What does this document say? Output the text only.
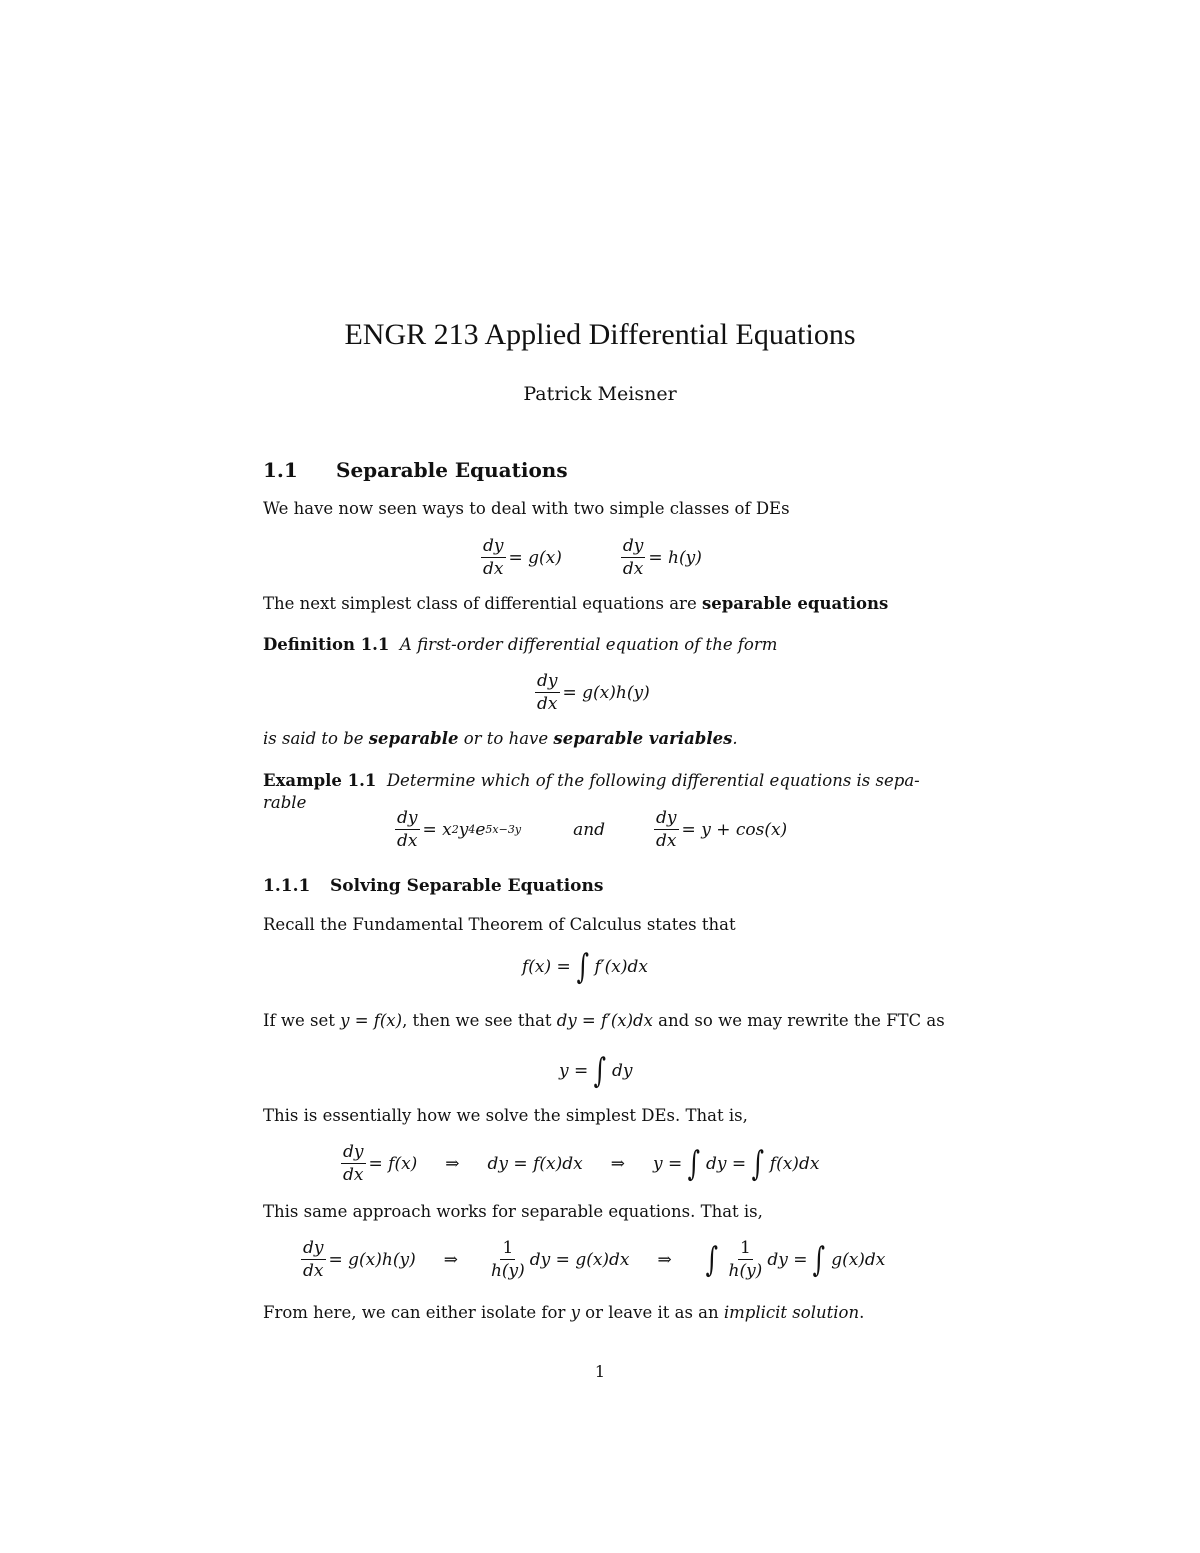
ENGR 213 Applied Differential Equations
Patrick Meisner
1.1 Separable Equations
We have now seen ways to deal with two simple classes of DEs
$\frac{dy}{dx}$ =
g(x)	$\frac{dy}{dx}$ =
h(y)
The next simplest class of differential equations are separable equations
Definition 1.1 A first-order differential equation of the form
$\frac{dy}{dx}$ =
g(x)h(y)
is said to be separable or to have separable variables.
Example 1.1 Determine which of the following differential equations is sepa-rable
$\frac{dy}{dx}$ =
x 2 y 4 e 5x−3y	and	$\frac{dy}{dx}$ =
y + cos(x)
1.1.1 Solving Separable Equations
Recall the Fundamental Theorem of Calculus states that
f(x) = ∫ f′(x)dx
If we set y = f(x), then we see that dy = f′(x)dx and so we may rewrite the FTC as
y = ∫ dy
This is essentially how we solve the simplest DEs. That is,
$\frac{dy}{dx} = f(x)$ ⇒ dy = f(x)dx ⇒ y = ∫ dy = ∫ f(x)dx
This same approach works for separable equations. That is,
$\frac{dy}{dx} = g(x)h(y)$ ⇒ $\frac{1}{h(y)}$ dy = g(x)dx ⇒ ∫ $\frac{1}{h(y)}$ dy = ∫ g(x)dx
From here, we can either isolate for y or leave it as an implicit solution.
1
